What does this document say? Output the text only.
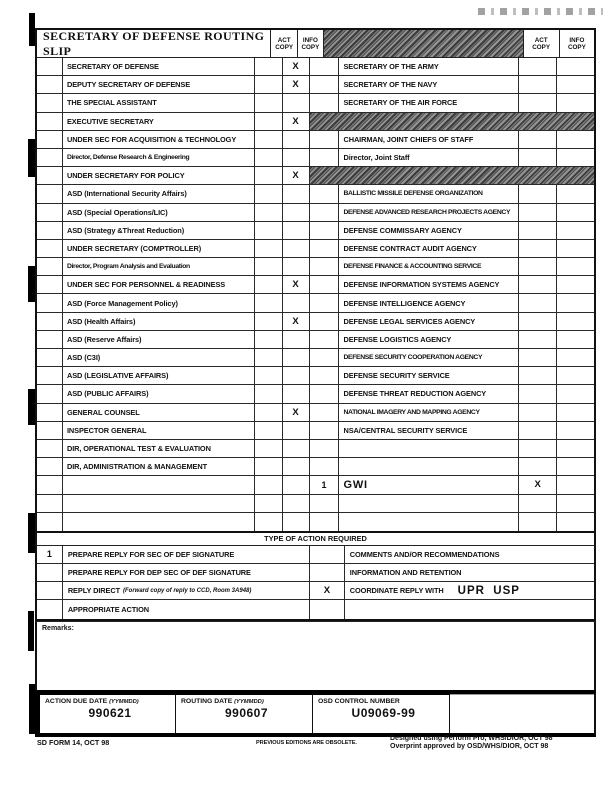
SECRETARY OF DEFENSE ROUTING SLIP
ACT
COPY
INFO
COPY
ACT
COPY
INFO
COPY
SECRETARY OF DEFENSE	X	SECRETARY OF THE ARMY
DEPUTY SECRETARY OF DEFENSE	X	SECRETARY OF THE NAVY
THE SPECIAL ASSISTANT	SECRETARY OF THE AIR FORCE
EXECUTIVE SECRETARY	X
UNDER SEC FOR ACQUISITION & TECHNOLOGY	CHAIRMAN, JOINT CHIEFS OF STAFF
Director, Defense Research & Engineering	Director, Joint Staff
UNDER SECRETARY FOR POLICY	X
ASD (International Security Affairs)	BALLISTIC MISSILE DEFENSE ORGANIZATION
ASD (Special Operations/LIC)	DEFENSE ADVANCED RESEARCH PROJECTS AGENCY
ASD (Strategy &Threat Reduction)	DEFENSE COMMISSARY AGENCY
UNDER SECRETARY (COMPTROLLER)	DEFENSE CONTRACT AUDIT AGENCY
Director, Program Analysis and Evaluation	DEFENSE FINANCE & ACCOUNTING SERVICE
UNDER SEC FOR PERSONNEL & READINESS	X	DEFENSE INFORMATION SYSTEMS AGENCY
ASD (Force Management Policy)	DEFENSE INTELLIGENCE AGENCY
ASD (Health Affairs)	X	DEFENSE LEGAL SERVICES AGENCY
ASD (Reserve Affairs)	DEFENSE LOGISTICS AGENCY
ASD (C3I)	DEFENSE SECURITY COOPERATION AGENCY
ASD (LEGISLATIVE AFFAIRS)	DEFENSE SECURITY SERVICE
ASD (PUBLIC AFFAIRS)	DEFENSE THREAT REDUCTION AGENCY
GENERAL COUNSEL	X	NATIONAL IMAGERY AND MAPPING AGENCY
INSPECTOR GENERAL	NSA/CENTRAL SECURITY SERVICE
DIR, OPERATIONAL TEST & EVALUATION
DIR, ADMINISTRATION & MANAGEMENT
1	GWI	X
TYPE OF ACTION REQUIRED
1	PREPARE REPLY FOR SEC OF DEF SIGNATURE	COMMENTS AND/OR RECOMMENDATIONS
PREPARE REPLY FOR DEP SEC OF DEF SIGNATURE	INFORMATION AND RETENTION
REPLY DIRECT (Forward copy of reply to CCD, Room 3A948)	X	COORDINATE REPLY WITH UPR  USP
APPROPRIATE ACTION
Remarks:
ACTION DUE DATE (YYMMDD)
990621
ROUTING DATE (YYMMDD)
990607
OSD CONTROL NUMBER
U09069-99
SD FORM 14, OCT 98	PREVIOUS EDITIONS ARE OBSOLETE.
Designed using Perform Pro, WHS/DIOR, OCT 98
Overprint approved by OSD/WHS/DIOR, OCT 98
